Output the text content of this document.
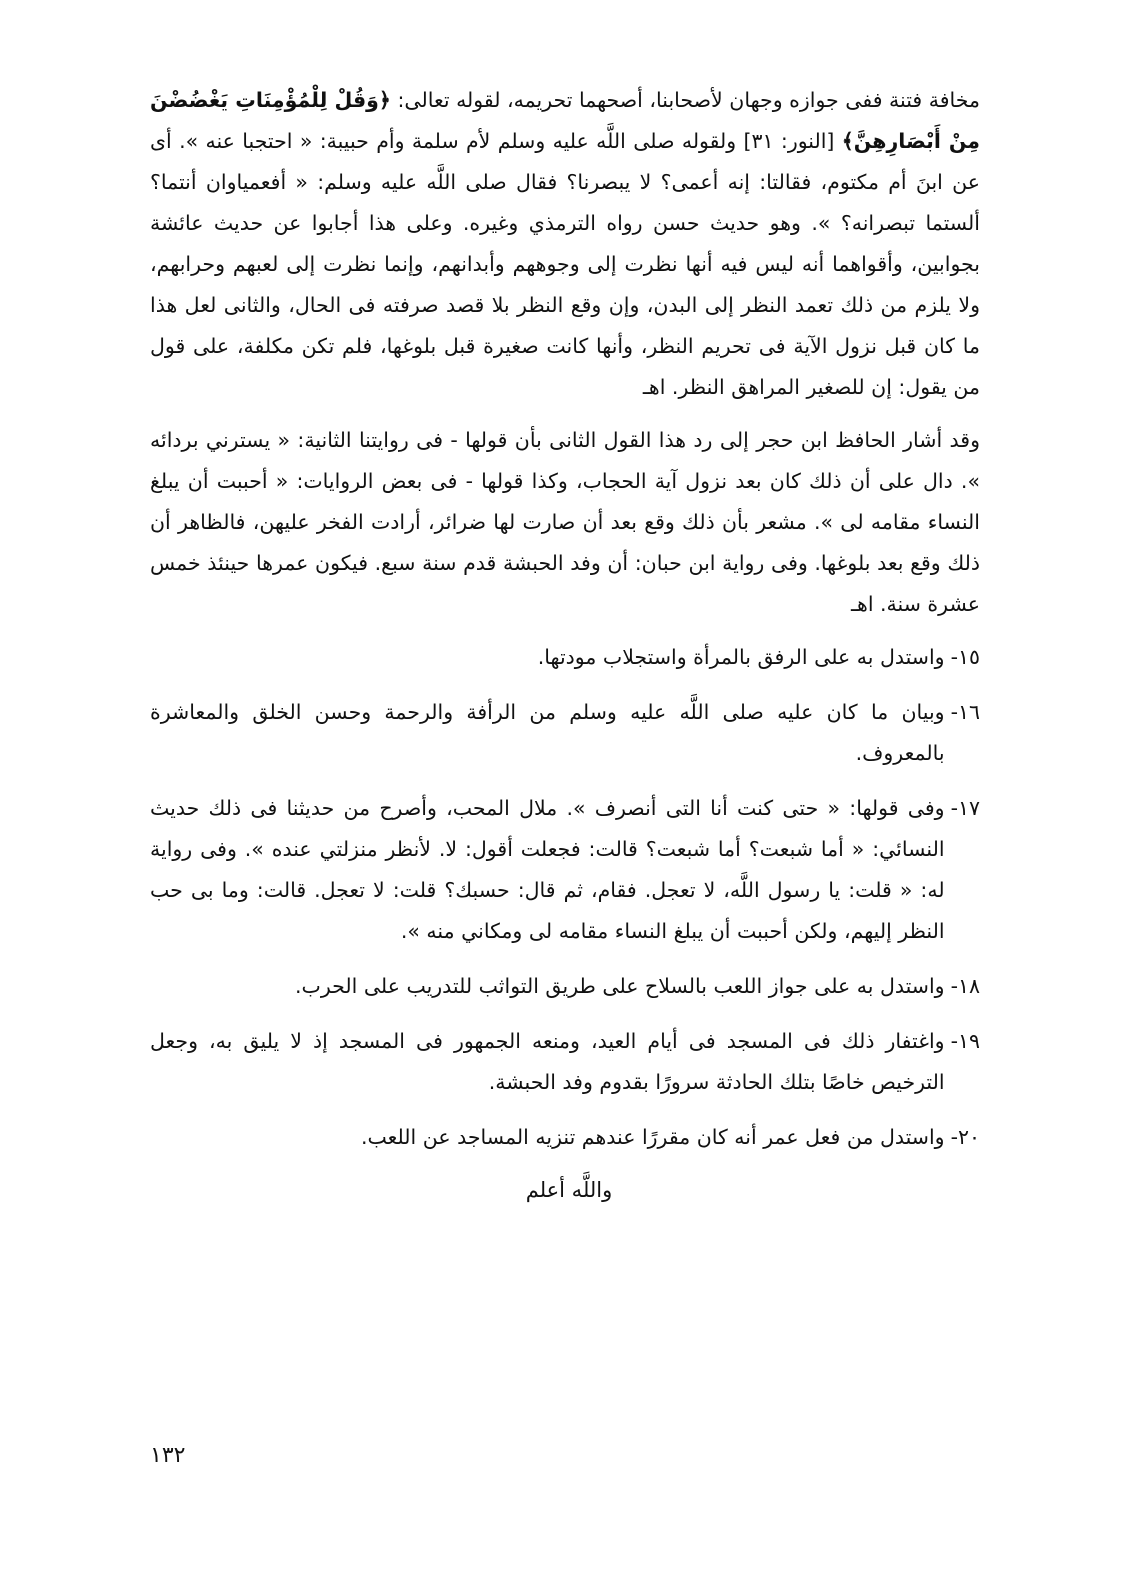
مخافة فتنة ففى جوازه وجهان لأصحابنا، أصحهما تحريمه، لقوله تعالى: ﴿وَقُلْ لِلْمُؤْمِنَاتِ يَغْضُضْنَ مِنْ أَبْصَارِهِنَّ﴾ [النور: ٣١] ولقوله صلى اللَّه عليه وسلم لأم سلمة وأم حبيبة: « احتجبا عنه ». أى عن ابنَ أم مكتوم، فقالتا: إنه أعمى؟ لا يبصرنا؟ فقال صلى اللَّه عليه وسلم: « أفعمياوان أنتما؟ ألستما تبصرانه؟ ». وهو حديث حسن رواه الترمذي وغيره. وعلى هذا أجابوا عن حديث عائشة بجوابين، وأقواهما أنه ليس فيه أنها نظرت إلى وجوههم وأبدانهم، وإنما نظرت إلى لعبهم وحرابهم، ولا يلزم من ذلك تعمد النظر إلى البدن، وإن وقع النظر بلا قصد صرفته فى الحال، والثانى لعل هذا ما كان قبل نزول الآية فى تحريم النظر، وأنها كانت صغيرة قبل بلوغها، فلم تكن مكلفة، على قول من يقول: إن للصغير المراهق النظر. اهـ

وقد أشار الحافظ ابن حجر إلى رد هذا القول الثانى بأن قولها - فى روايتنا الثانية: « يسترني بردائه ». دال على أن ذلك كان بعد نزول آية الحجاب، وكذا قولها - فى بعض الروايات: « أحببت أن يبلغ النساء مقامه لى ». مشعر بأن ذلك وقع بعد أن صارت لها ضرائر، أرادت الفخر عليهن، فالظاهر أن ذلك وقع بعد بلوغها. وفى رواية ابن حبان: أن وفد الحبشة قدم سنة سبع. فيكون عمرها حينئذ خمس عشرة سنة. اهـ

١٥-
واستدل به على الرفق بالمرأة واستجلاب مودتها.
١٦-
وبيان ما كان عليه صلى اللَّه عليه وسلم من الرأفة والرحمة وحسن الخلق والمعاشرة بالمعروف.
١٧-
وفى قولها: « حتى كنت أنا التى أنصرف ». ملال المحب، وأصرح من حديثنا فى ذلك حديث النسائي: « أما شبعت؟ أما شبعت؟ قالت: فجعلت أقول: لا. لأنظر منزلتي عنده ». وفى رواية له: « قلت: يا رسول اللَّه، لا تعجل. فقام، ثم قال: حسبك؟ قلت: لا تعجل. قالت: وما بى حب النظر إليهم، ولكن أحببت أن يبلغ النساء مقامه لى ومكاني منه ».
١٨-
واستدل به على جواز اللعب بالسلاح على طريق التواثب للتدريب على الحرب.
١٩-
واغتفار ذلك فى المسجد فى أيام العيد، ومنعه الجمهور فى المسجد إذ لا يليق به، وجعل الترخيص خاصًا بتلك الحادثة سرورًا بقدوم وفد الحبشة.
٢٠-
واستدل من فعل عمر أنه كان مقررًا عندهم تنزيه المساجد عن اللعب.
واللَّه أعلم
١٣٢
